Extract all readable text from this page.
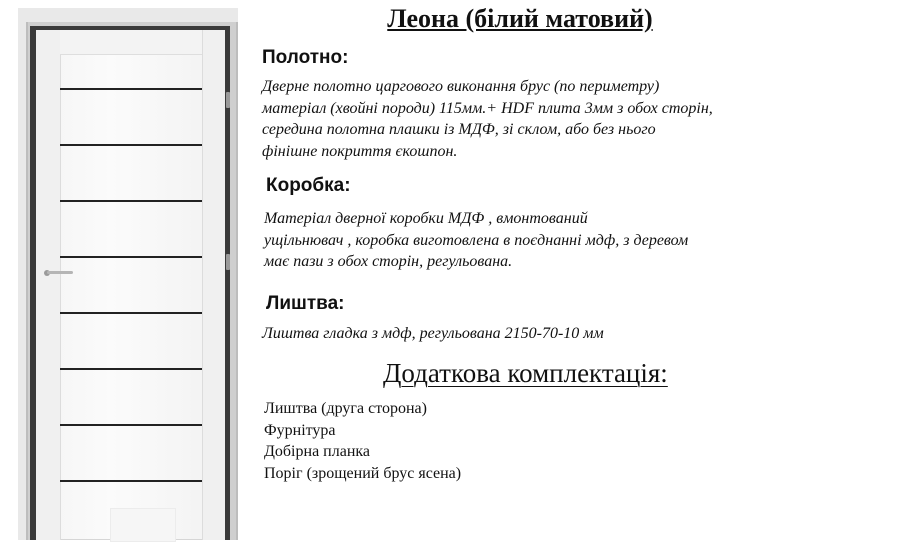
Леона (білий матовий)
Полотно:
Дверне полотно царгового виконання брус (по периметру)
матеріал (хвойні породи) 115мм.+ HDF плита 3мм з обох сторін,
середина полотна плашки із МДФ, зі склом, або без нього
фінішне покриття єкошпон.
Коробка:
Матеріал дверної коробки МДФ , вмонтований
ущільнювач , коробка виготовлена в поєднанні мдф, з деревом
має пази з обох сторін, регульована.
Лиштва:
Лиштва гладка з мдф, регульована 2150-70-10 мм
Додаткова комплектація:
Лиштва (друга сторона)
Фурнітура
Добірна планка
Поріг (зрощений брус ясена)
